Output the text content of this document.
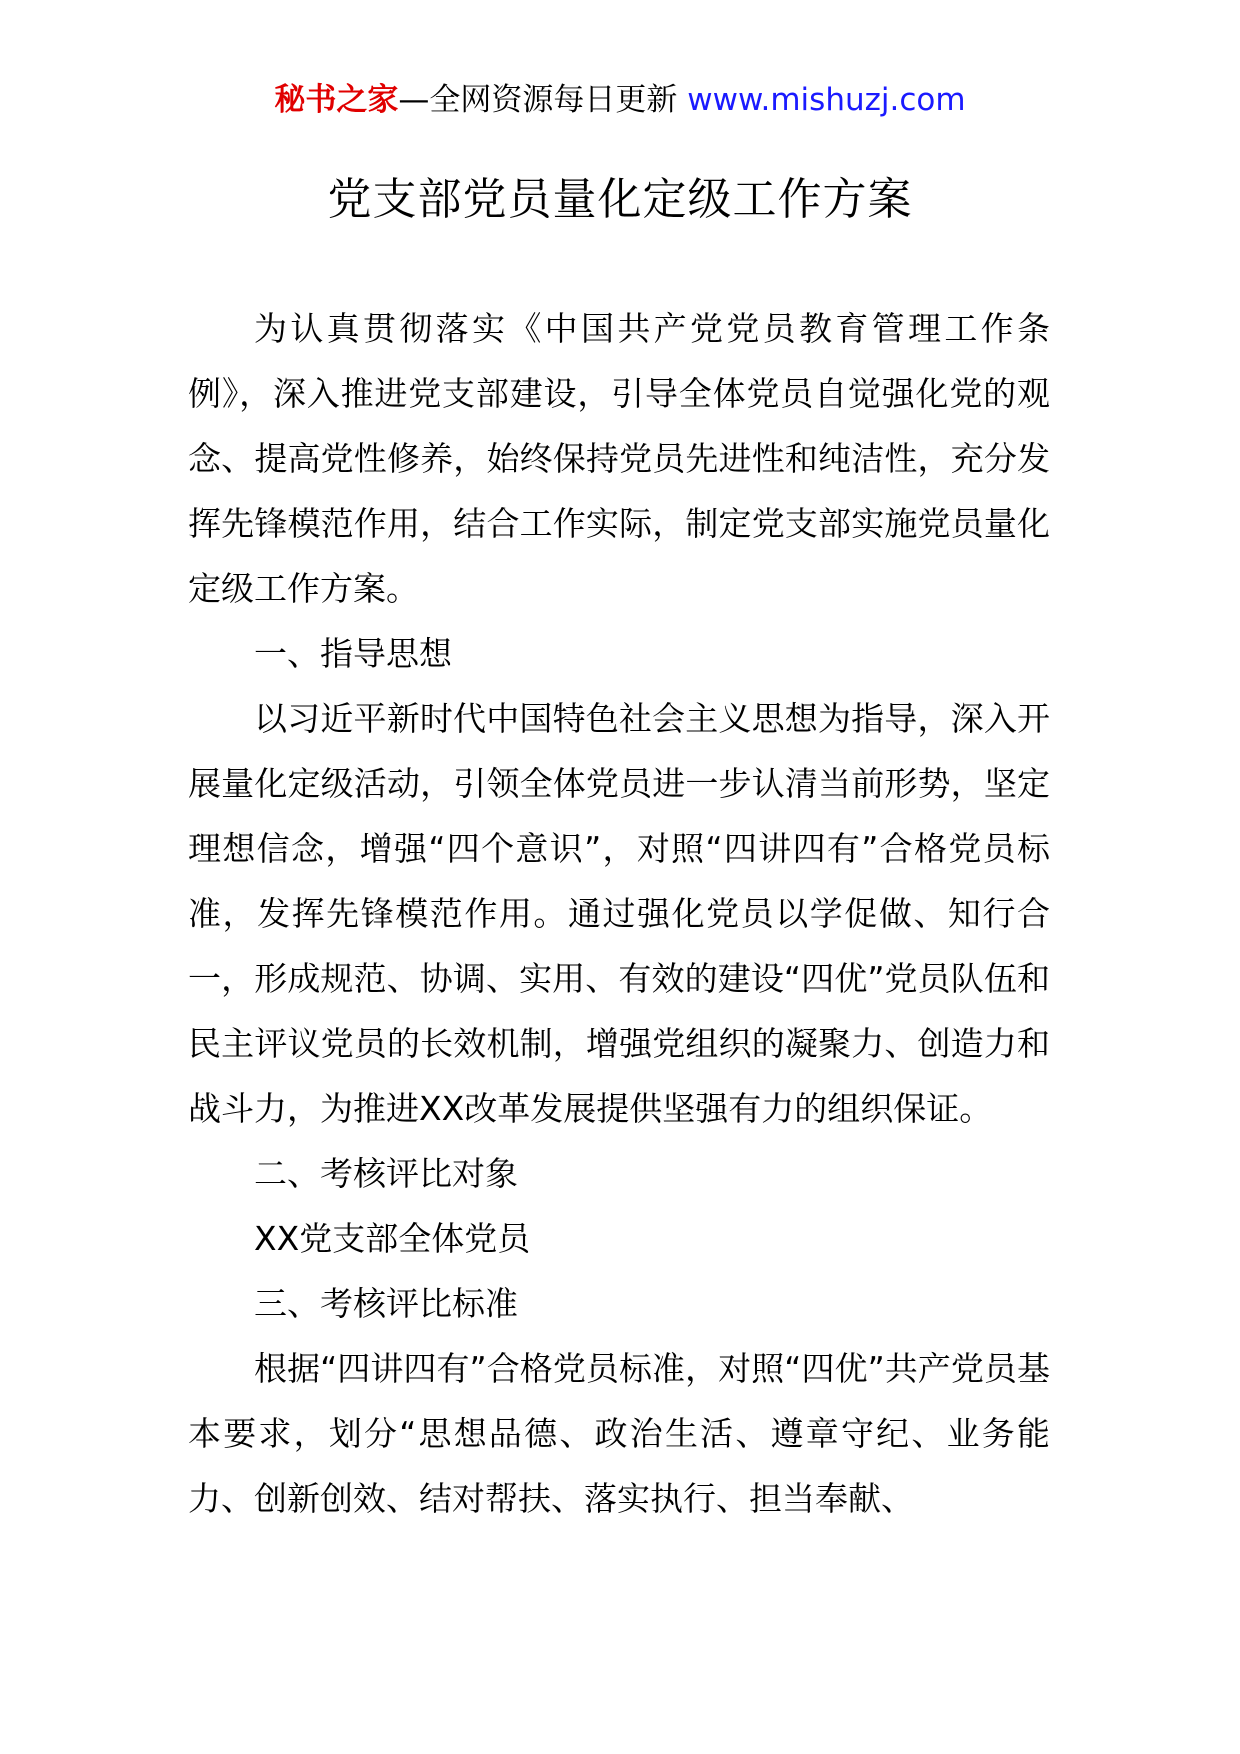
秘书之家—全网资源每日更新 www.mishuzj.com
党支部党员量化定级工作方案

为认真贯彻落实《中国共产党党员教育管理工作条例》，深入推进党支部建设，引导全体党员自觉强化党的观念、提高党性修养，始终保持党员先进性和纯洁性，充分发挥先锋模范作用，结合工作实际，制定党支部实施党员量化定级工作方案。

一、指导思想

以习近平新时代中国特色社会主义思想为指导，深入开展量化定级活动，引领全体党员进一步认清当前形势，坚定理想信念，增强“四个意识”，对照“四讲四有”合格党员标准，发挥先锋模范作用。通过强化党员以学促做、知行合一，形成规范、协调、实用、有效的建设“四优”党员队伍和民主评议党员的长效机制，增强党组织的凝聚力、创造力和战斗力，为推进XX改革发展提供坚强有力的组织保证。

二、考核评比对象

XX党支部全体党员

三、考核评比标准

根据“四讲四有”合格党员标准，对照“四优”共产党员基本要求，划分“思想品德、政治生活、遵章守纪、业务能力、创新创效、结对帮扶、落实执行、担当奉献、
